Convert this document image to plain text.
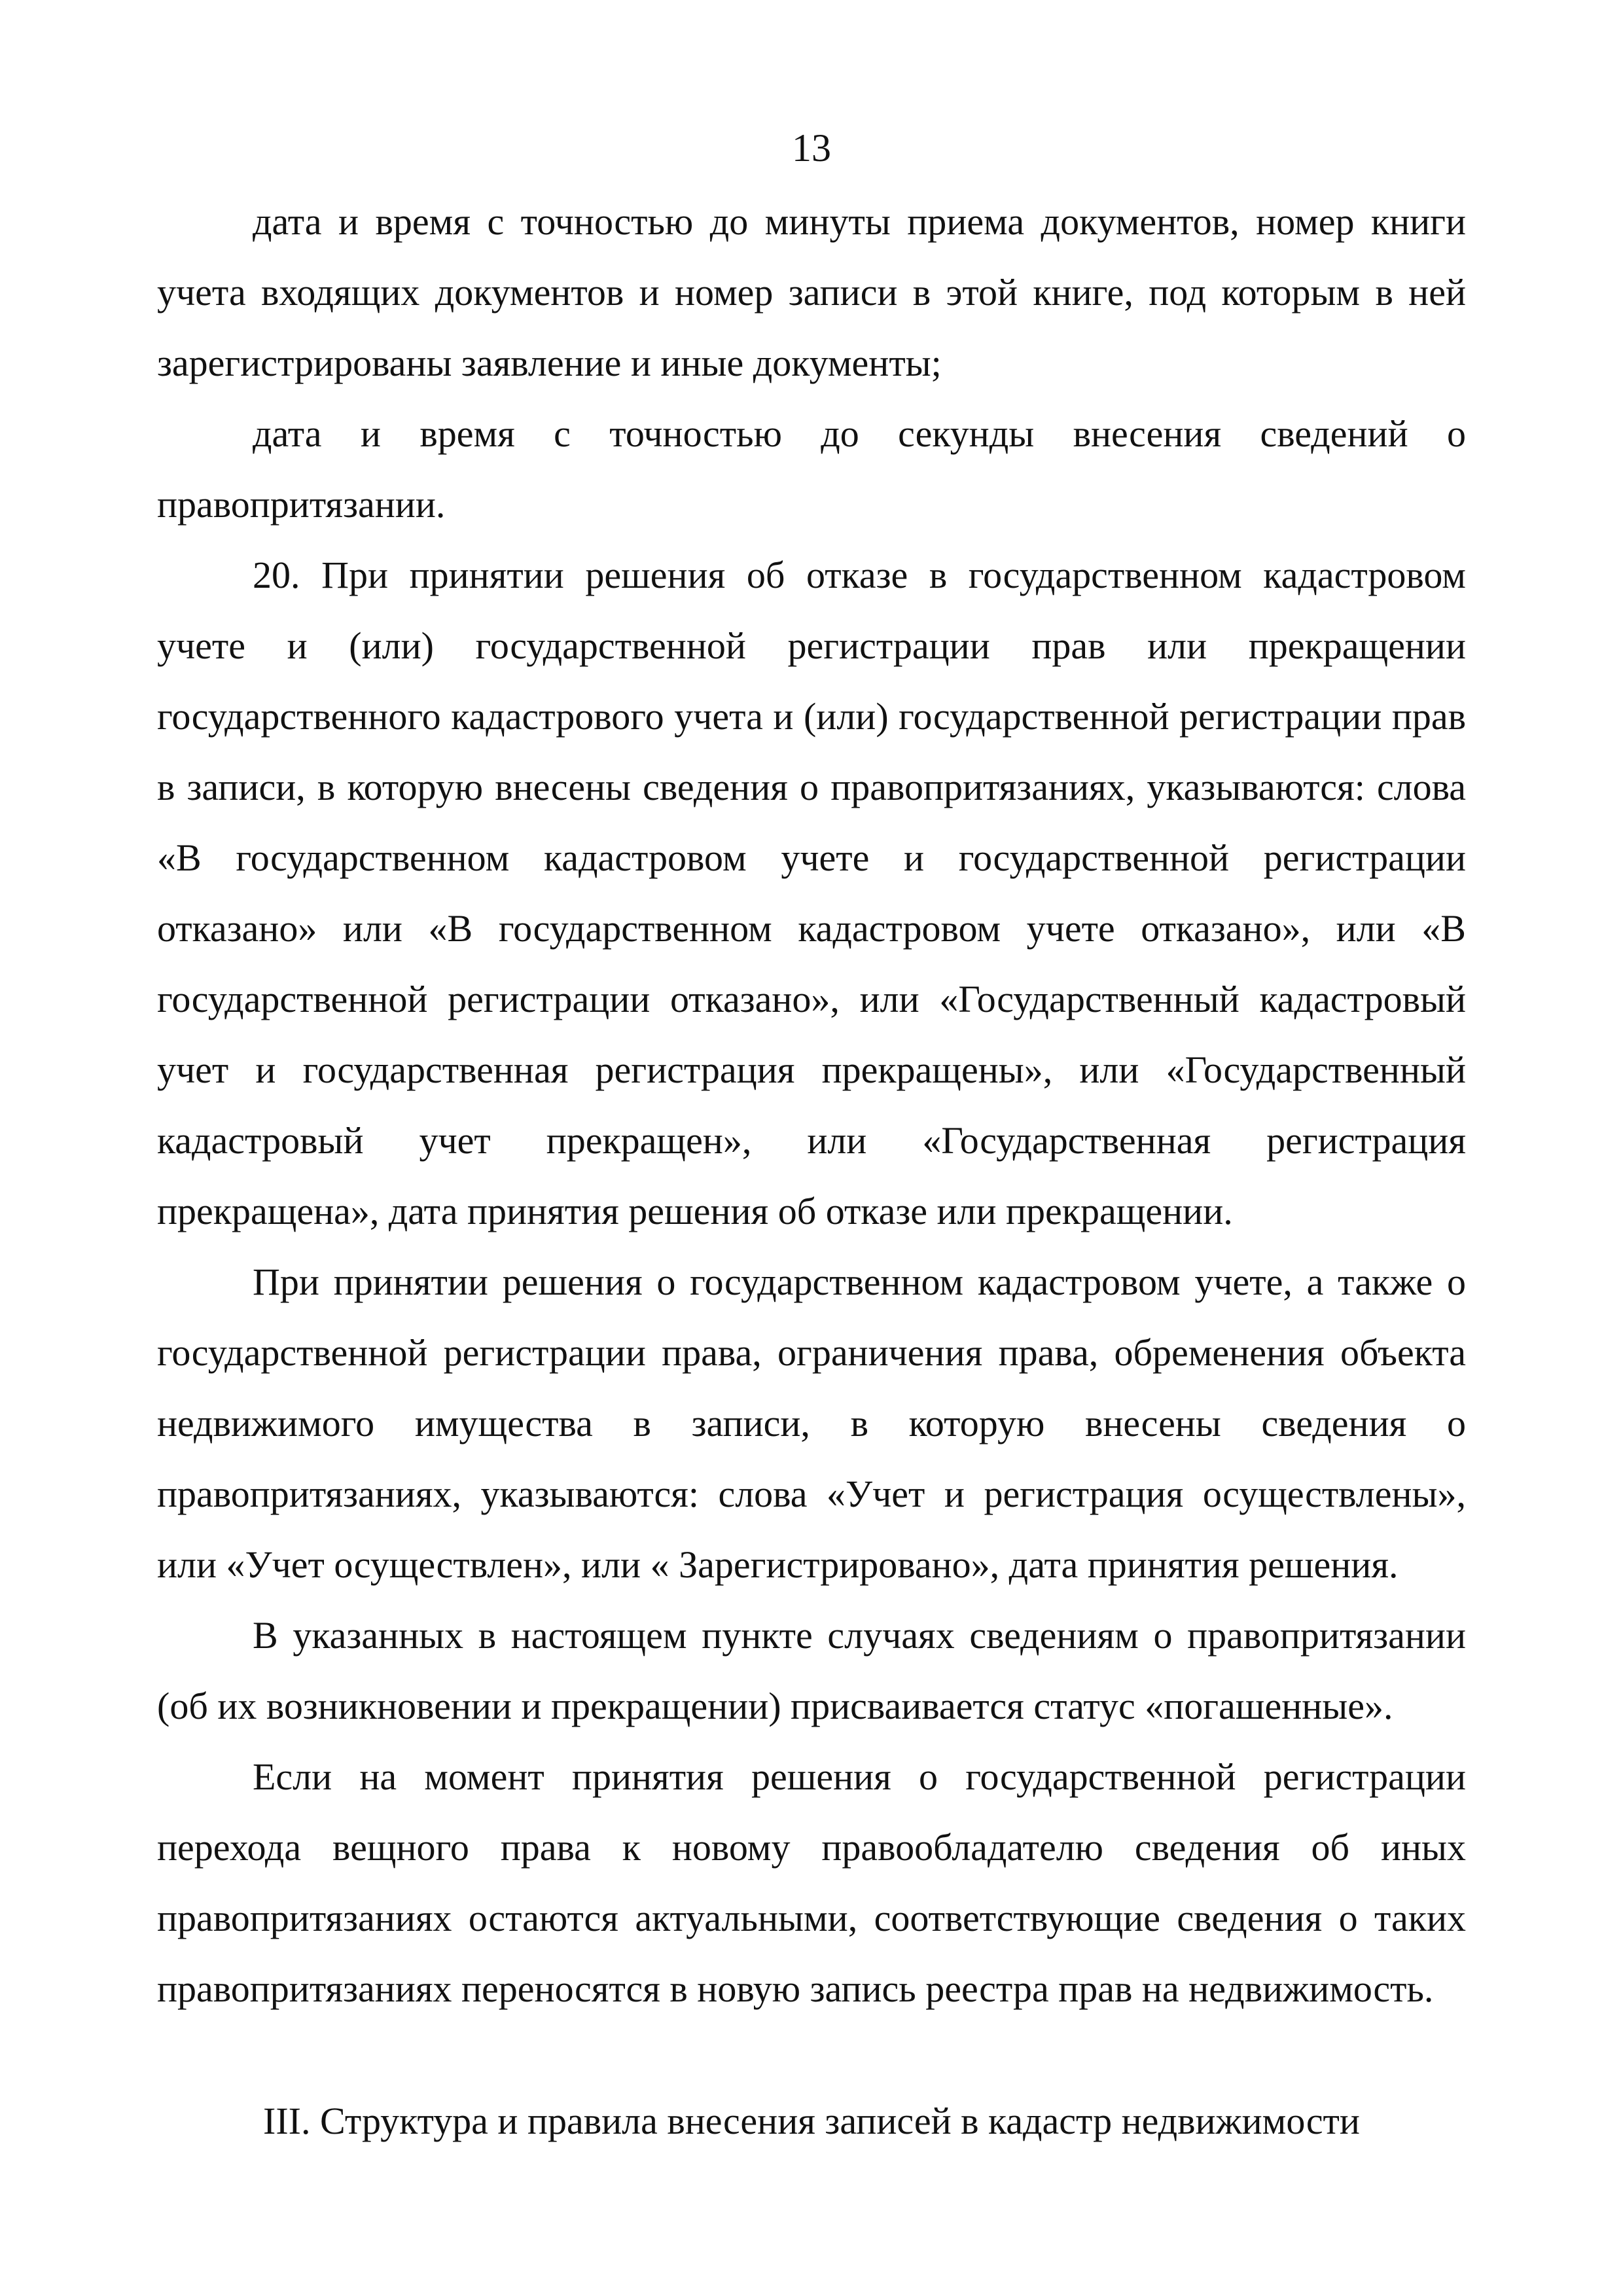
13

дата и время с точностью до минуты приема документов, номер книги учета входящих документов и номер записи в этой книге, под которым в ней зарегистрированы заявление и иные документы;

дата и время с точностью до секунды внесения сведений о правопритязании.

20. При принятии решения об отказе в государственном кадастровом учете и (или) государственной регистрации прав или прекращении государственного кадастрового учета и (или) государственной регистрации прав в записи, в которую внесены сведения о правопритязаниях, указываются: слова «В государственном кадастровом учете и государственной регистрации отказано» или «В государственном кадастровом учете отказано», или «В государственной регистрации отказано», или «Государственный кадастровый учет и государственная регистрация прекращены», или «Государственный кадастровый учет прекращен», или «Государственная регистрация прекращена», дата принятия решения об отказе или прекращении.

При принятии решения о государственном кадастровом учете, а также о государственной регистрации права, ограничения права, обременения объекта недвижимого имущества в записи, в которую внесены сведения о правопритязаниях, указываются: слова «Учет и регистрация осуществлены», или «Учет осуществлен», или « Зарегистрировано», дата принятия решения.

В указанных в настоящем пункте случаях сведениям о правопритязании (об их возникновении и прекращении) присваивается статус «погашенные».

Если на момент принятия решения о государственной регистрации перехода вещного права к новому правообладателю сведения об иных правопритязаниях остаются актуальными, соответствующие сведения о таких правопритязаниях переносятся в новую запись реестра прав на недвижимость.

III. Структура и правила внесения записей в кадастр недвижимости
